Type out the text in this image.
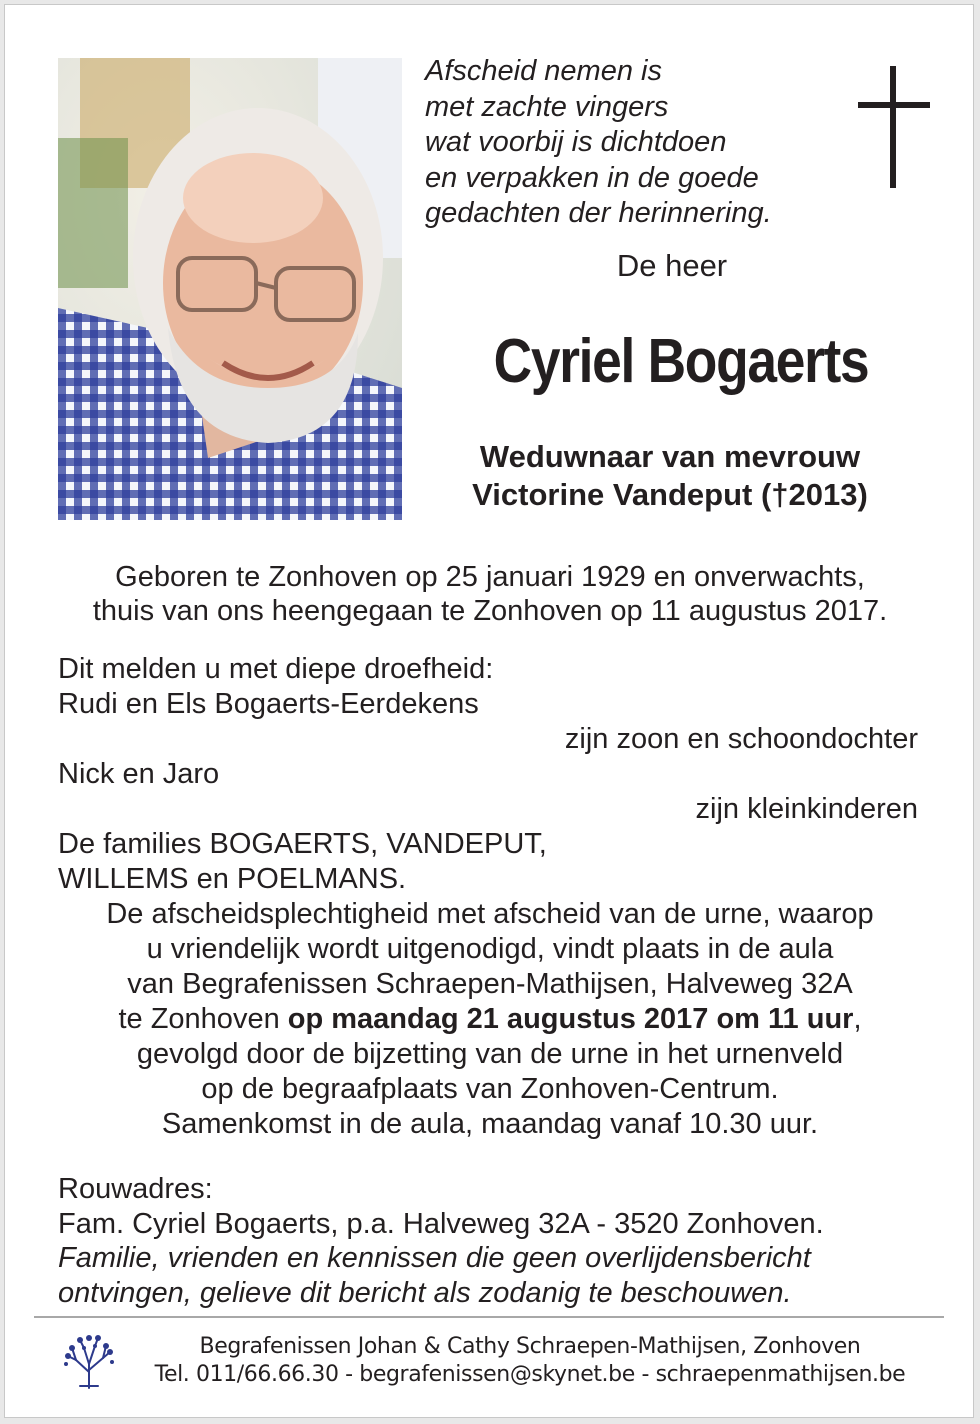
Afscheid nemen is
met zachte vingers
wat voorbij is dichtdoen
en verpakken in de goede
gedachten der herinnering.
De heer
Cyriel Bogaerts
Weduwnaar van mevrouw
Victorine Vandeput (†2013)
Geboren te Zonhoven op 25 januari 1929 en onverwachts,
thuis van ons heengegaan te Zonhoven op 11 augustus 2017.
Dit melden u met diepe droefheid:
Rudi en Els Bogaerts-Eerdekens
zijn zoon en schoondochter
Nick en Jaro
zijn kleinkinderen
De families BOGAERTS, VANDEPUT,
WILLEMS en POELMANS.
De afscheidsplechtigheid met afscheid van de urne, waarop
u vriendelijk wordt uitgenodigd, vindt plaats in de aula
van Begrafenissen Schraepen-Mathijsen, Halveweg 32A
te Zonhoven op maandag 21 augustus 2017 om 11 uur,
gevolgd door de bijzetting van de urne in het urnenveld
op de begraafplaats van Zonhoven-Centrum.
Samenkomst in de aula, maandag vanaf 10.30 uur.
Rouwadres:
Fam. Cyriel Bogaerts, p.a. Halveweg 32A - 3520 Zonhoven.
Familie, vrienden en kennissen die geen overlijdensbericht
ontvingen, gelieve dit bericht als zodanig te beschouwen.
Begrafenissen Johan & Cathy Schraepen-Mathijsen, Zonhoven
Tel. 011/66.66.30 - begrafenissen@skynet.be - schraepenmathijsen.be
